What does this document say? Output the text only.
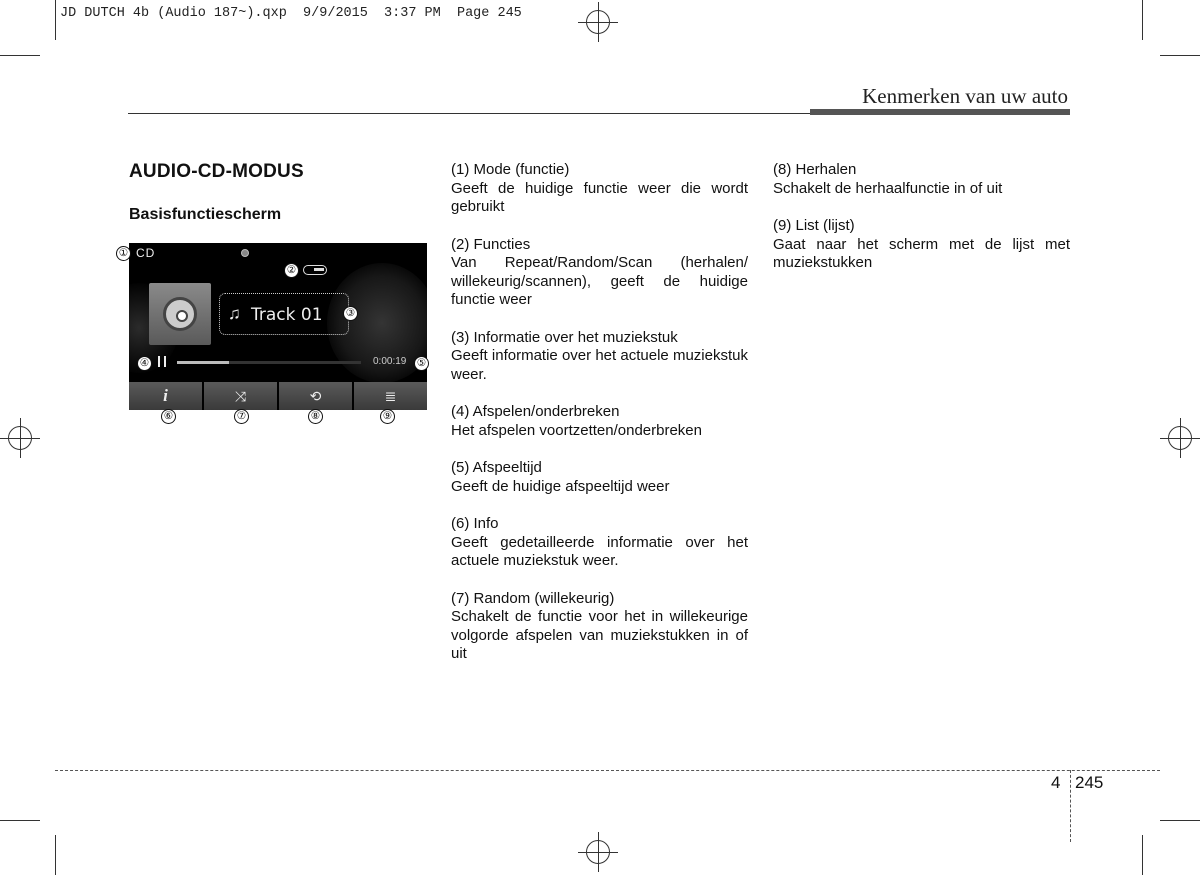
JD DUTCH 4b (Audio 187~).qxp  9/9/2015  3:37 PM  Page 245
Kenmerken van uw auto
AUDIO-CD-MODUS
Basisfunctiescherm
CD
♫ Track 01
0:00:19
i	⤨	⟲	≣
①
②
③
④	⑤
⑥	⑦	⑧	⑨
(1) Mode (functie)

Geeft de huidige functie weer die wordt gebruikt

(2) Functies

Van Repeat/Random/Scan (herhalen/ willekeurig/scannen), geeft de huidige functie weer

(3) Informatie over het muziekstuk

Geeft informatie over het actuele muziekstuk weer.

(4) Afspelen/onderbreken

Het afspelen voortzetten/onderbreken

(5) Afspeeltijd

Geeft de huidige afspeeltijd weer

(6) Info

Geeft gedetailleerde informatie over het actuele muziekstuk weer.

(7) Random (willekeurig)

Schakelt de functie voor het in willekeurige volgorde afspelen van muziekstukken in of uit

(8) Herhalen

Schakelt de herhaalfunctie in of uit

(9) List (lijst)

Gaat naar het scherm met de lijst met muziekstukken

4 245
